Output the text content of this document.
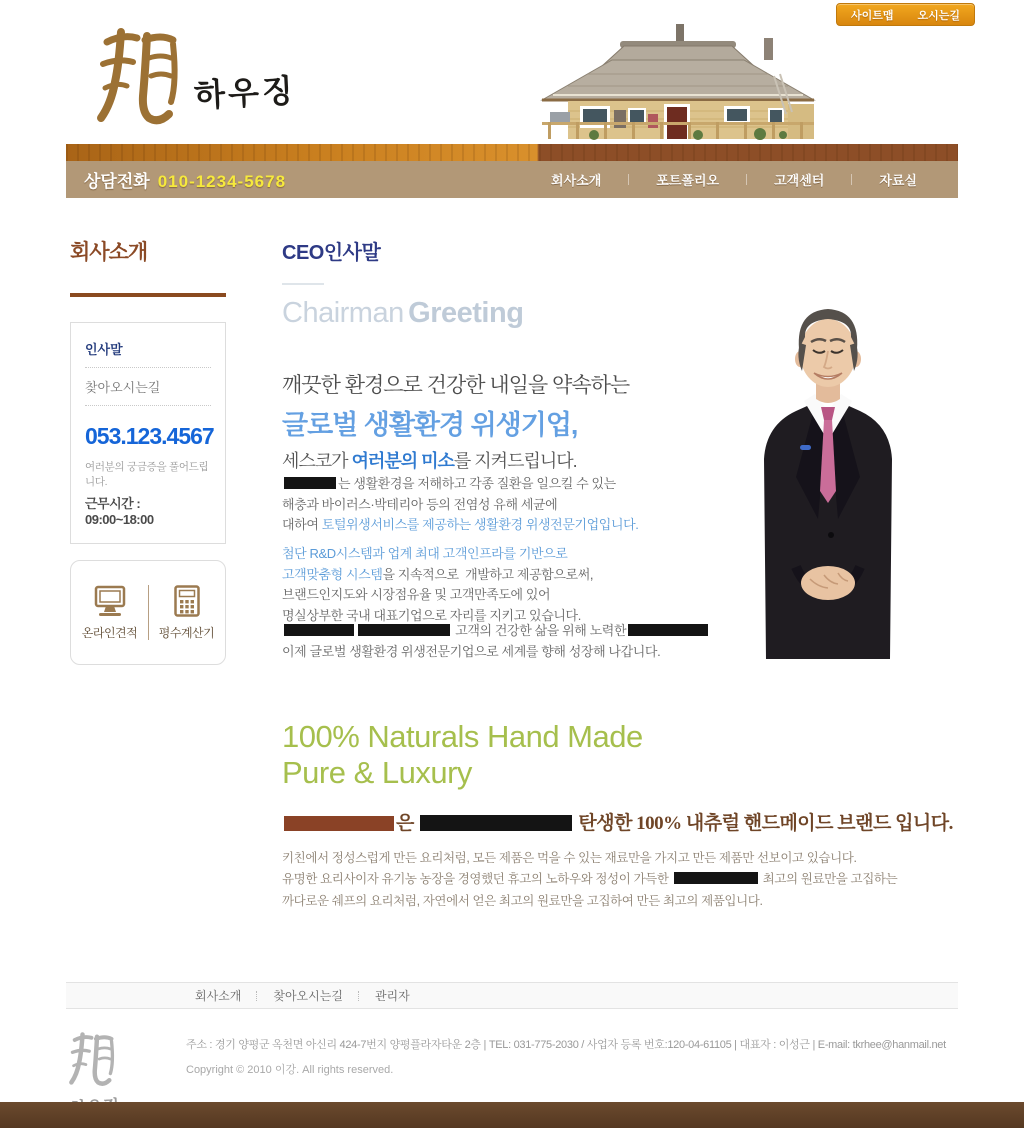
사이트맵 오시는길
하우징
상담전화 010-1234-5678	회사소개	포트폴리오	고객센터	자료실
회사소개
인사말
찾아오시는길
053.123.4567
여러분의 궁금증을 풀어드립니다.
근무시간 : 09:00~18:00
온라인견적	평수계산기
CEO인사말
Chairman Greeting
깨끗한 환경으로 건강한 내일을 약속하는
글로벌 생활환경 위생기업,
세스코가 여러분의 미소를 지켜드립니다.
는 생활환경을 저해하고 각종 질환을 일으킬 수 있는
해충과 바이러스·박테리아 등의 전염성 유해 세균에
대하여 토털위생서비스를 제공하는 생활환경 위생전문기업입니다.
첨단 R&D시스템과 업계 최대 고객인프라를 기반으로
고객맞춤형 시스템을 지속적으로  개발하고 제공함으로써,
브랜드인지도와 시장점유율 및 고객만족도에 있어
명실상부한 국내 대표기업으로 자리를 지키고 있습니다.
고객의 건강한 삶을 위해 노력한
이제 글로벌 생활환경 위생전문기업으로 세계를 향해 성장해 나갑니다.
100% Naturals Hand Made
Pure & Luxury
은	탄생한 100% 내츄럴 핸드메이드 브랜드 입니다.
키친에서 정성스럽게 만든 요리처럼, 모든 제품은 먹을 수 있는 재료만을 가지고 만든 제품만 선보이고 있습니다.
유명한 요리사이자 유기농 농장을 경영했던 휴고의 노하우와 정성이 가득한	최고의 원료만을 고집하는
까다로운 쉐프의 요리처럼, 자연에서 얻은 최고의 원료만을 고집하여 만든 최고의 제품입니다.
회사소개	찾아오시는길	관리자
주소 : 경기 양평군 옥천면 아신리 424-7번지 양평플라자타운 2층 | TEL: 031-775-2030 / 사업자 등록 번호:120-04-61105 | 대표자 : 이성근 | E-mail: tkrhee@hanmail.net
Copyright © 2010 이강. All rights reserved.
